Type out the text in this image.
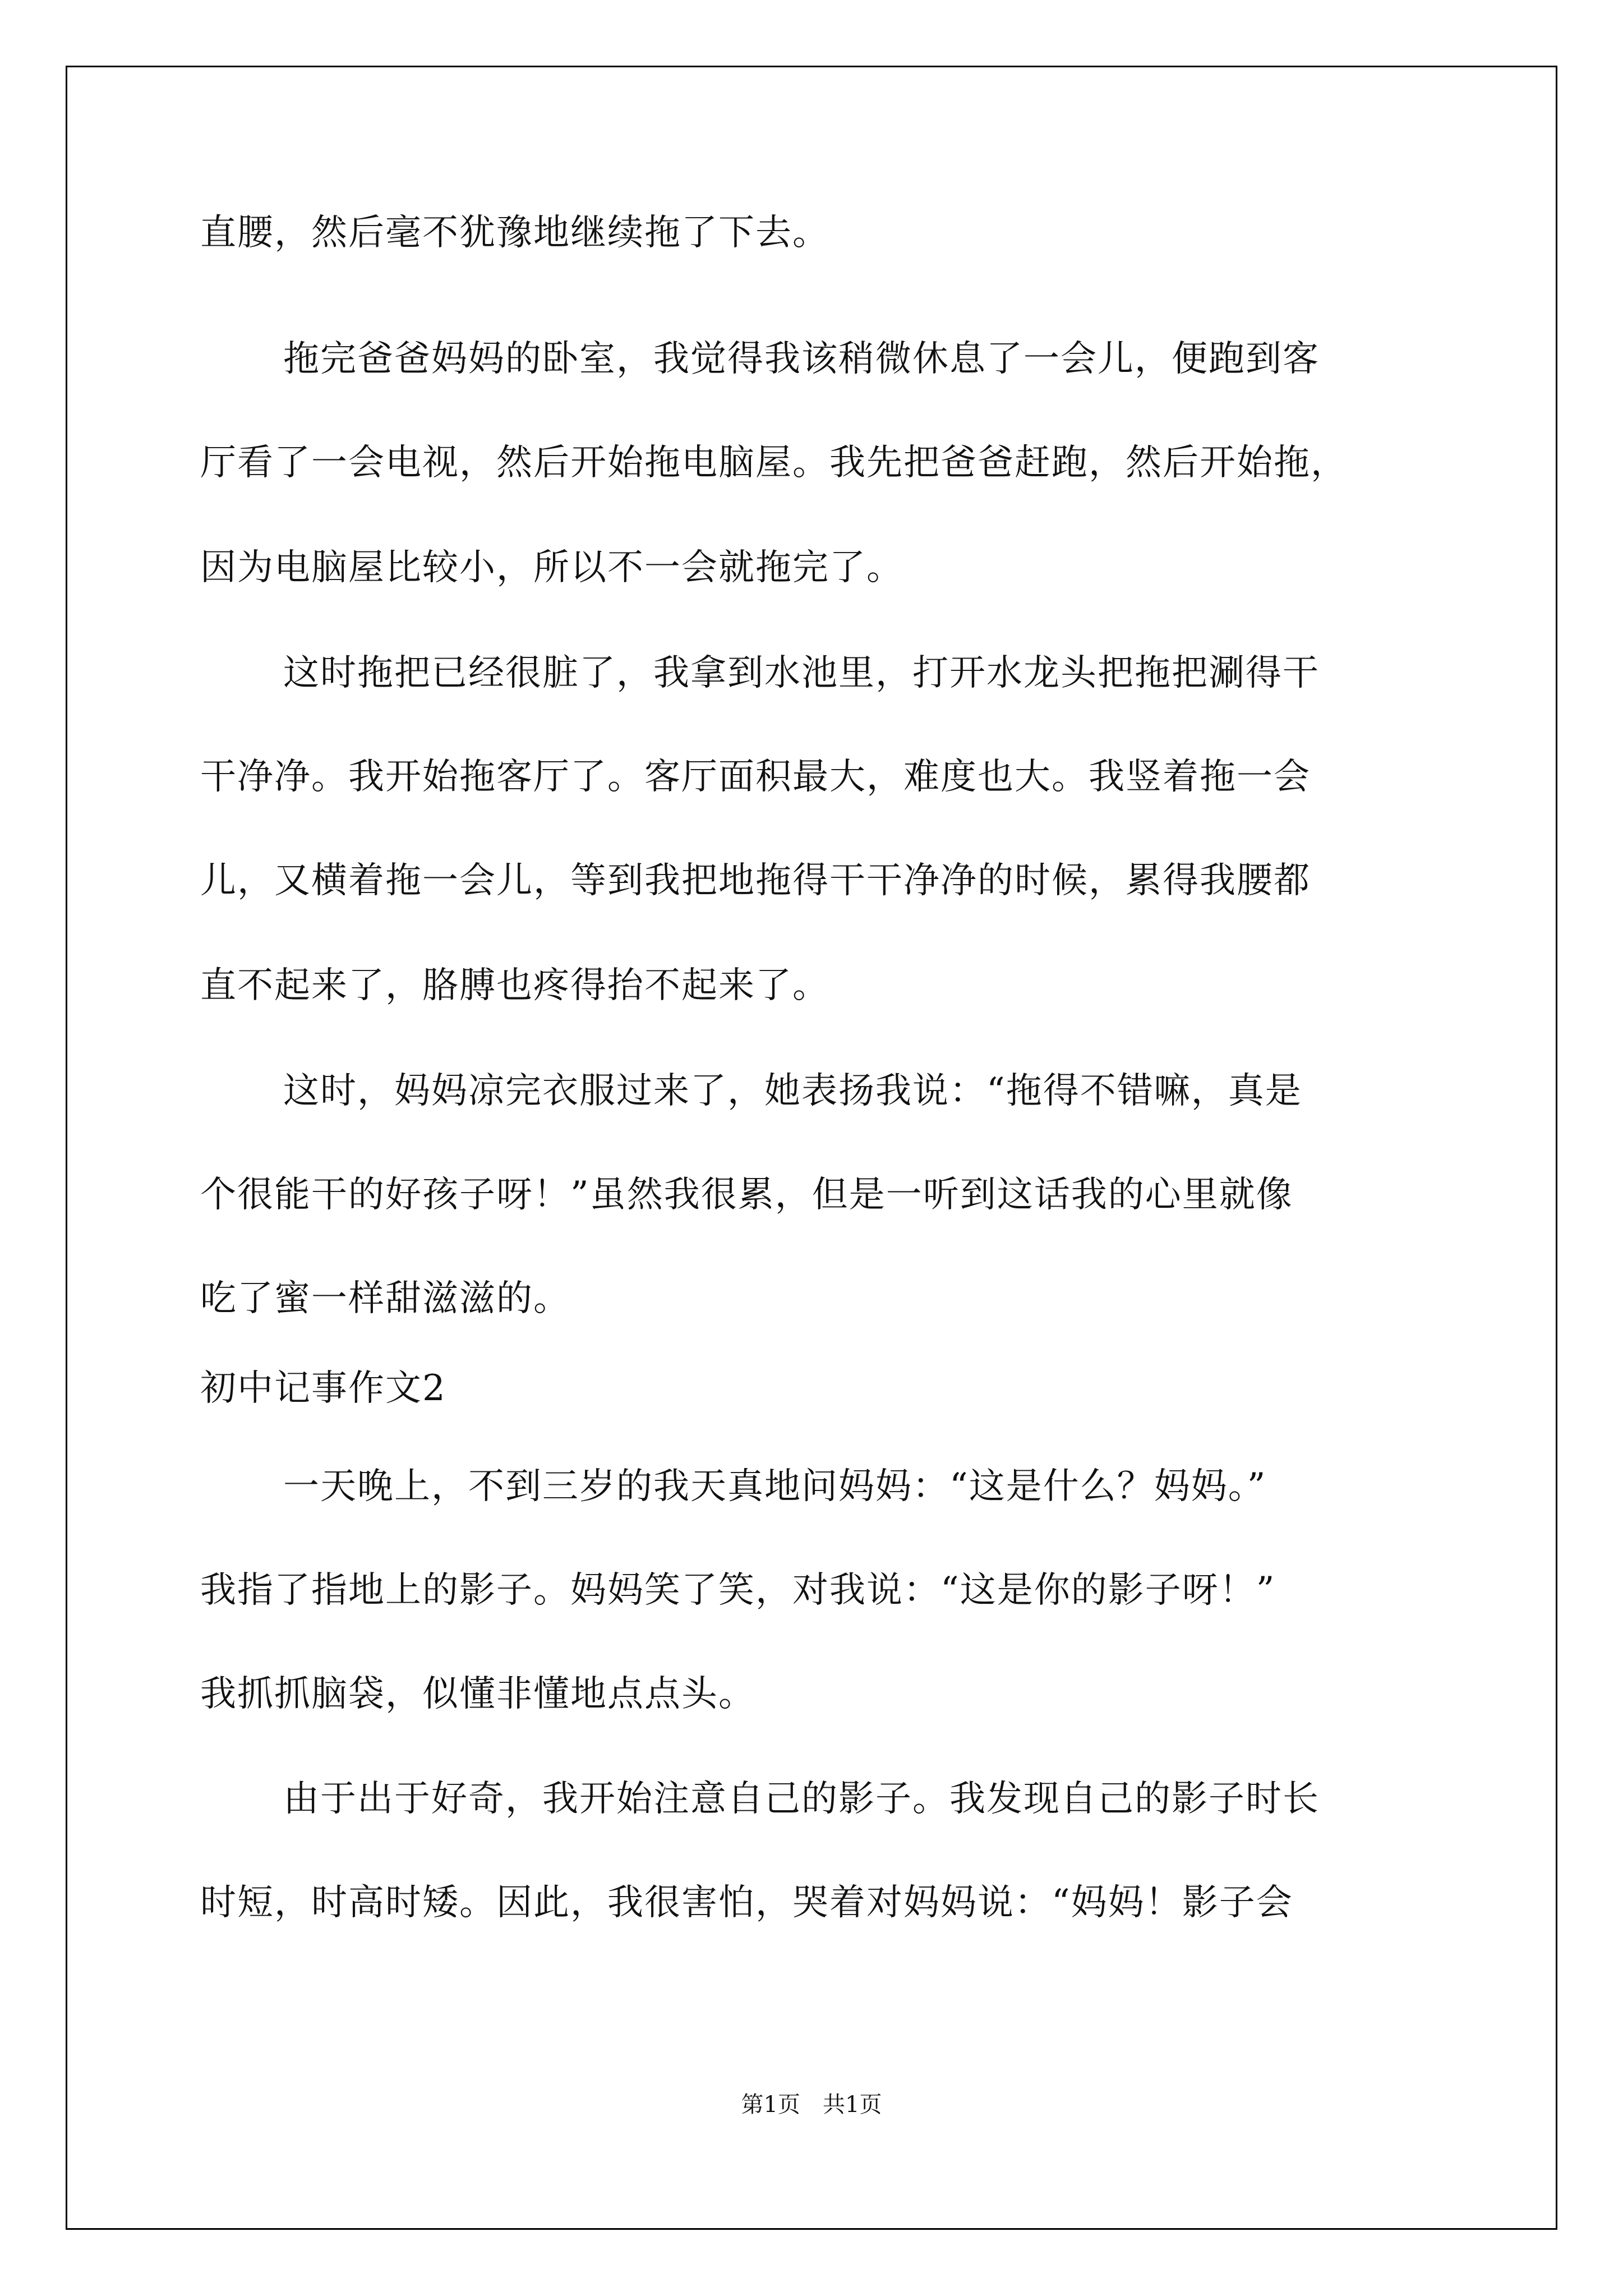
直腰，然后毫不犹豫地继续拖了下去。
拖完爸爸妈妈的卧室，我觉得我该稍微休息了一会儿，便跑到客
厅看了一会电视，然后开始拖电脑屋。我先把爸爸赶跑，然后开始拖，
因为电脑屋比较小，所以不一会就拖完了。
这时拖把已经很脏了，我拿到水池里，打开水龙头把拖把涮得干
干净净。我开始拖客厅了。客厅面积最大，难度也大。我竖着拖一会
儿，又横着拖一会儿，等到我把地拖得干干净净的时候，累得我腰都
直不起来了，胳膊也疼得抬不起来了。
这时，妈妈凉完衣服过来了，她表扬我说：“拖得不错嘛，真是
个很能干的好孩子呀！”虽然我很累，但是一听到这话我的心里就像
吃了蜜一样甜滋滋的。
初中记事作文2
一天晚上，不到三岁的我天真地问妈妈：“这是什么？妈妈。”
我指了指地上的影子。妈妈笑了笑，对我说：“这是你的影子呀！”
我抓抓脑袋，似懂非懂地点点头。
由于出于好奇，我开始注意自己的影子。我发现自己的影子时长
时短，时高时矮。因此，我很害怕，哭着对妈妈说：“妈妈！影子会
第1页　共1页
